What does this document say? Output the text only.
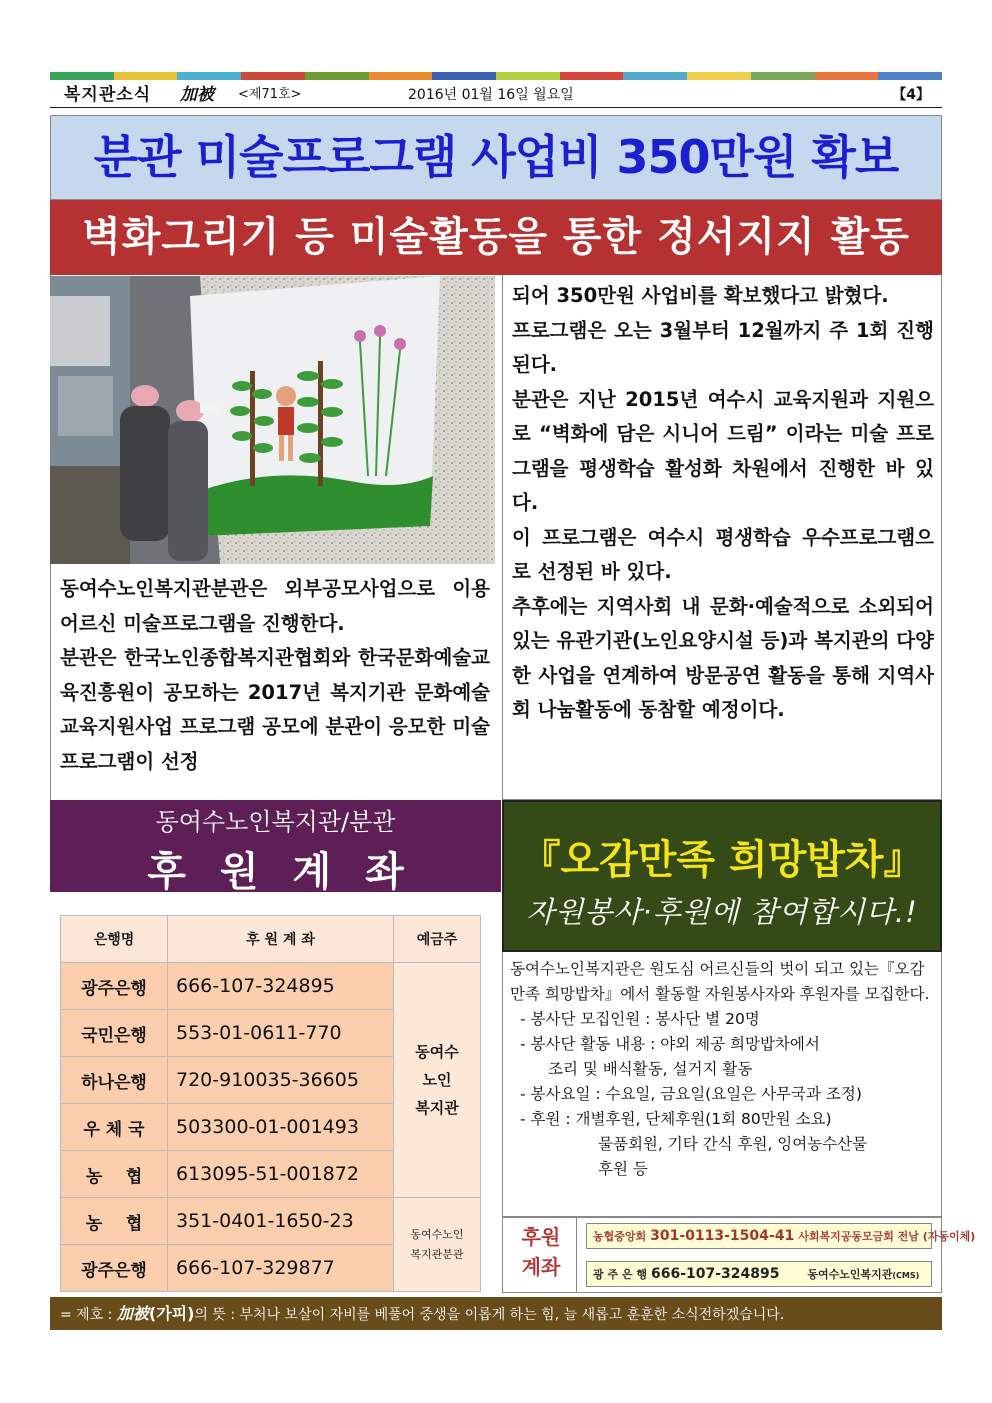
복지관소식 加被 <제71호>	2016년 01월 16일 월요일	【4】
분관 미술프로그램 사업비 350만원 확보
벽화그리기 등 미술활동을 통한 정서지지 활동

동여수노인복지관분관은 외부공모사업으로 이용 어르신 미술프로그램을 진행한다.

분관은 한국노인종합복지관협회와 한국문화예술교육진흥원이 공모하는 2017년 복지기관 문화예술 교육지원사업 프로그램 공모에 분관이 응모한 미술프로그램이 선정

되어 350만원 사업비를 확보했다고 밝혔다.

프로그램은 오는 3월부터 12월까지 주 1회 진행된다.

분관은 지난 2015년 여수시 교육지원과 지원으로 “벽화에 담은 시니어 드림” 이라는 미술 프로그램을 평생학습 활성화 차원에서 진행한 바 있다.

이 프로그램은 여수시 평생학습 우수프로그램으로 선정된 바 있다.

추후에는 지역사회 내 문화·예술적으로 소외되어 있는 유관기관(노인요양시설 등)과 복지관의 다양한 사업을 연계하여 방문공연 활동을 통해 지역사회 나눔활동에 동참할 예정이다.

동여수노인복지관/분관
후원계좌
은행명	후 원 계 좌	예금주
광주은행	666-107-324895	동여수
노인
복지관
국민은행	553-01-0611-770	
하나은행	720-910035-36605	
우 체 국	503300-01-001493	
농    협	613095-51-001872	
농    협	351-0401-1650-23	동여수노인
복지관분관
광주은행	666-107-329877	
『오감만족 희망밥차』
자원봉사·후원에 참여합시다.!

동여수노인복지관은 원도심 어르신들의 벗이 되고 있는『오감만족 희망밥차』에서 활동할 자원봉사자와 후원자를 모집한다.

- 봉사단 모집인원 : 봉사단 별 20명

- 봉사단 활동 내용 : 야외 제공 희망밥차에서

조리 및 배식활동, 설거지 활동

- 봉사요일 : 수요일, 금요일(요일은 사무국과 조정)

- 후원 : 개별후원, 단체후원(1회 80만원 소요)

물품회원, 기타 간식 후원, 잉여농수산물

후원 등

후원
계좌
농협중앙회 301-0113-1504-41 사회복지공동모금회 전남 (자동이체)
광 주 은 행 666-107-324895	동여수노인복지관(CMS)
= 제호 : 加被(가피)의 뜻 : 부처나 보살이 자비를 베풀어 중생을 이롭게 하는 힘, 늘 새롭고 훈훈한 소식전하겠습니다.
